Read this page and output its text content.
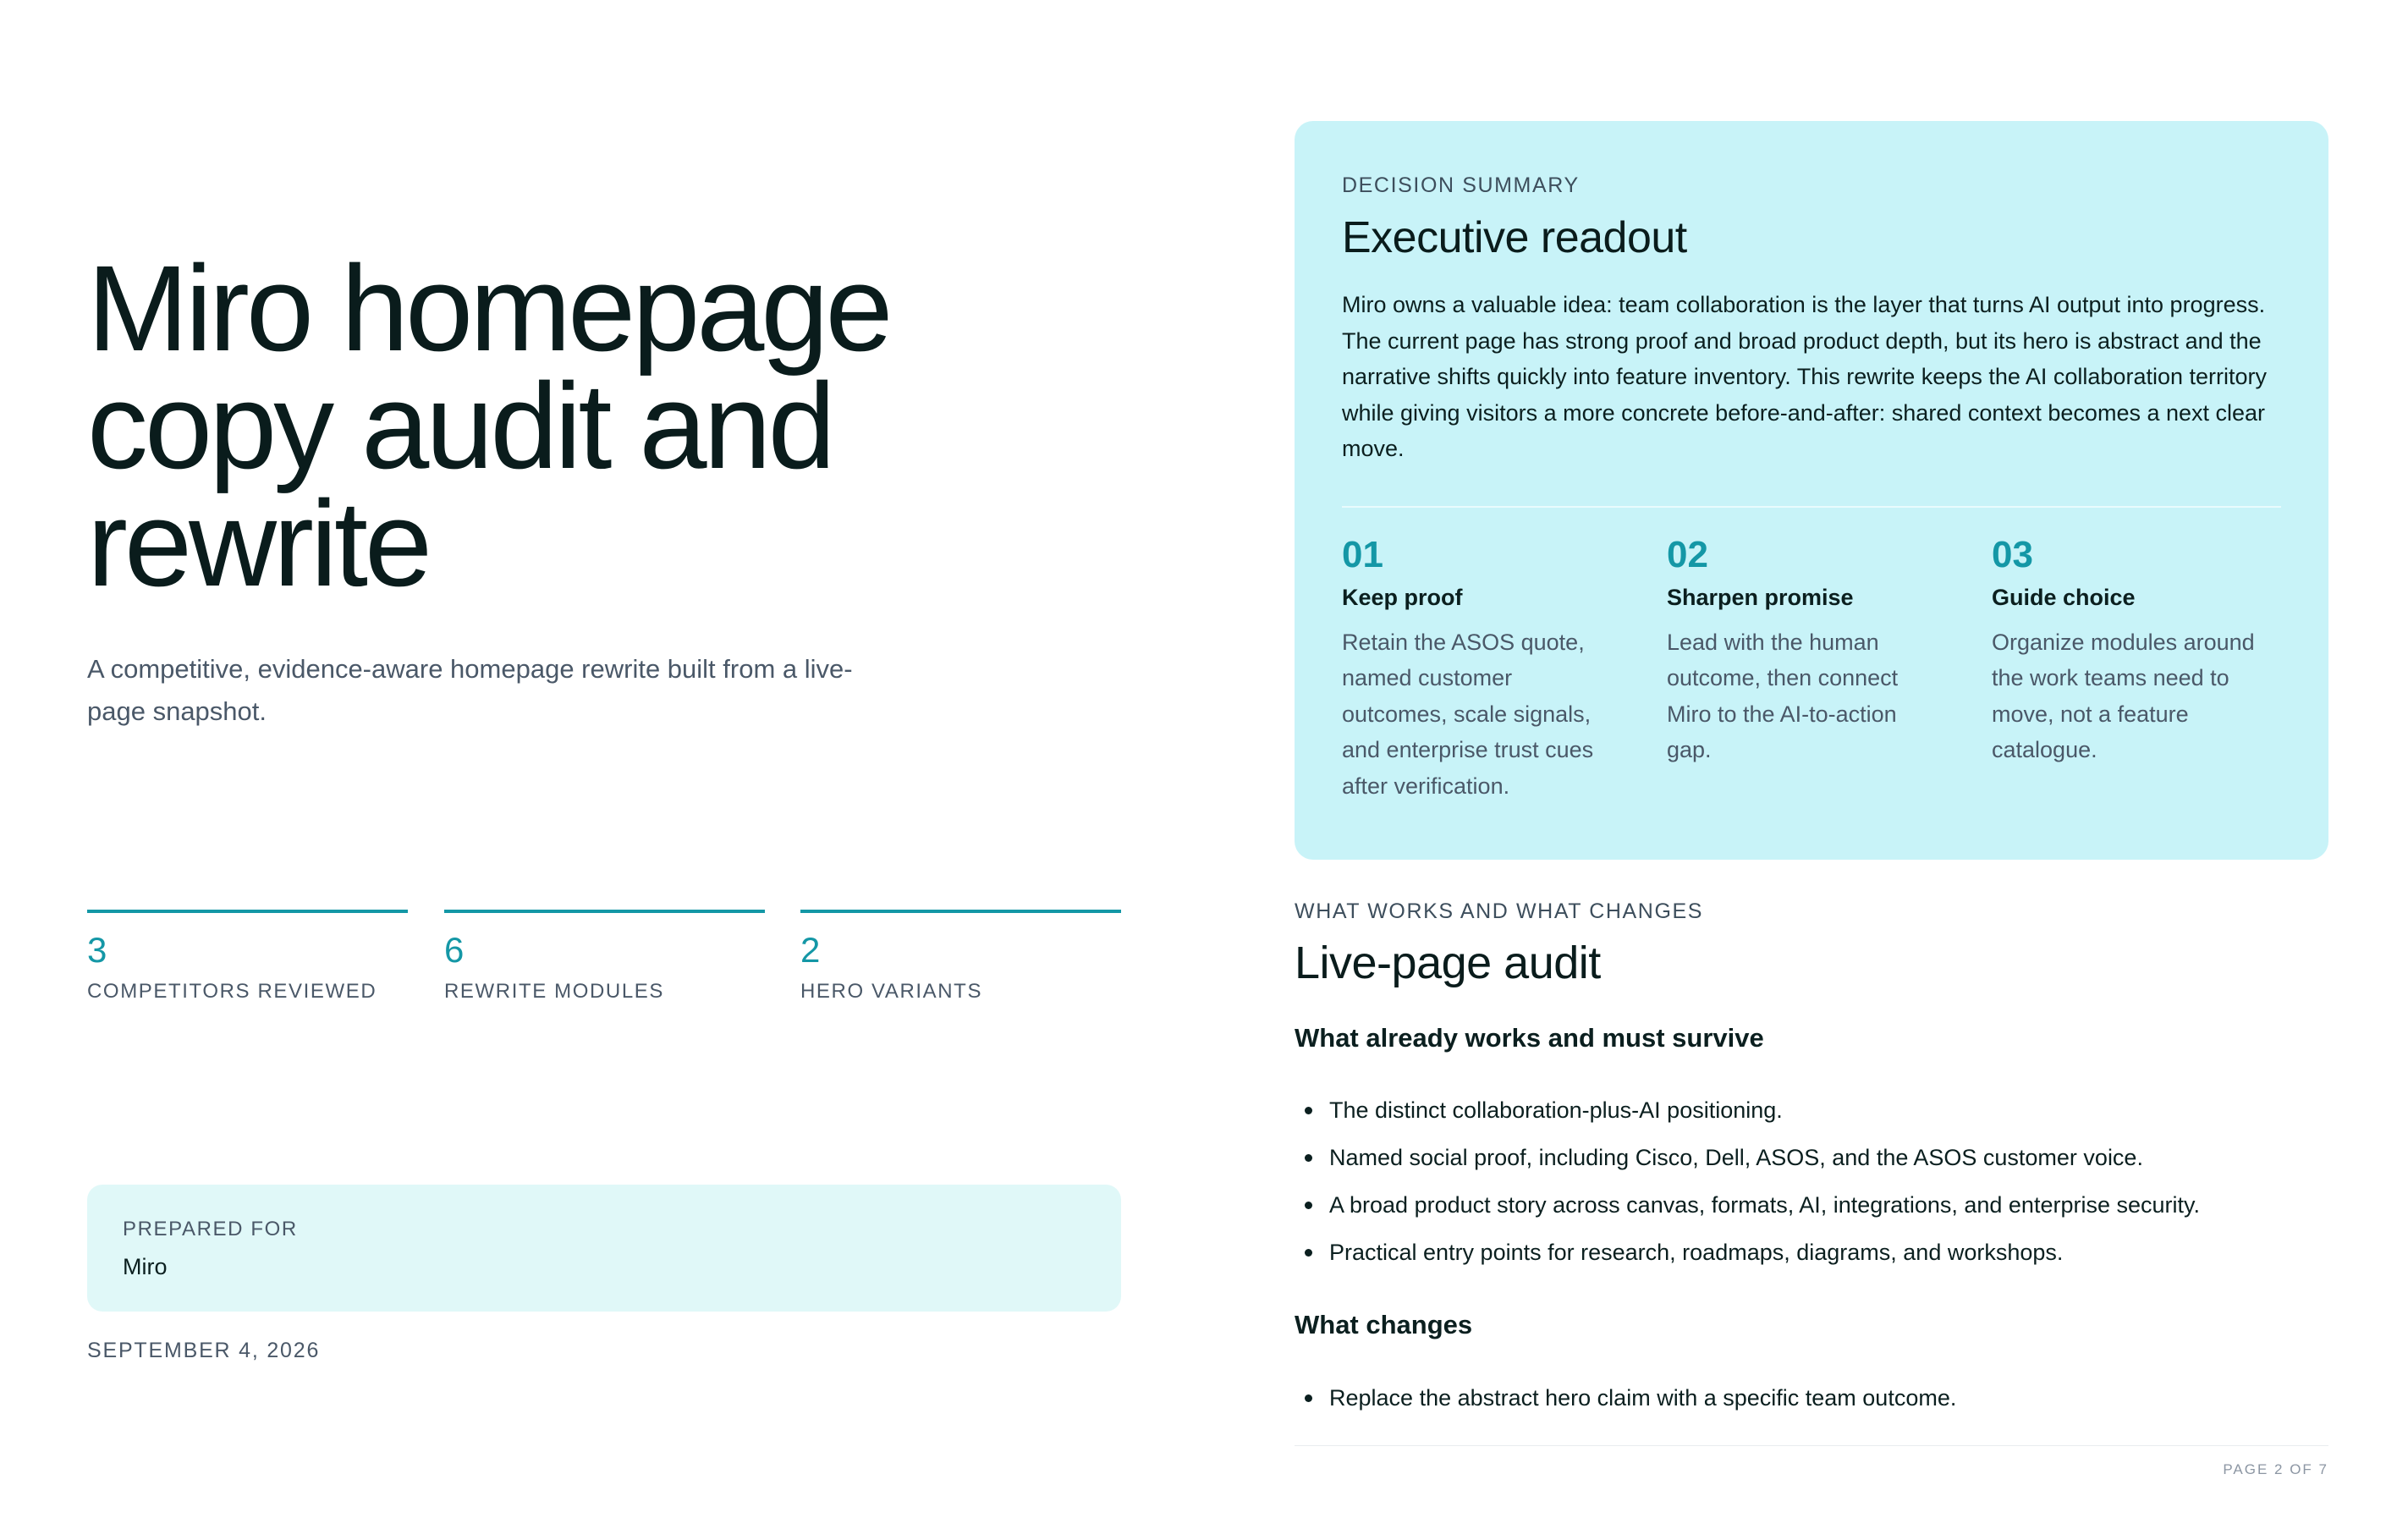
Miro homepage
copy audit and
rewrite

A competitive, evidence-aware homepage rewrite built from a live-page snapshot.

3
COMPETITORS REVIEWED
6
REWRITE MODULES
2
HERO VARIANTS
PREPARED FOR
Miro
SEPTEMBER 4, 2026
DECISION SUMMARY
Executive readout
Miro owns a valuable idea: team collaboration is the layer that turns AI output into progress. The current page has strong proof and broad product depth, but its hero is abstract and the narrative shifts quickly into feature inventory. This rewrite keeps the AI collaboration territory while giving visitors a more concrete before-and-after: shared context becomes a next clear move.
01
Keep proof
Retain the ASOS quote, named customer outcomes, scale signals, and enterprise trust cues after verification.
02
Sharpen promise
Lead with the human outcome, then connect Miro to the AI-to-action gap.
03
Guide choice
Organize modules around the work teams need to move, not a feature catalogue.
WHAT WORKS AND WHAT CHANGES
Live-page audit
What already works and must survive
The distinct collaboration-plus-AI positioning.
Named social proof, including Cisco, Dell, ASOS, and the ASOS customer voice.
A broad product story across canvas, formats, AI, integrations, and enterprise security.
Practical entry points for research, roadmaps, diagrams, and workshops.
What changes
Replace the abstract hero claim with a specific team outcome.
PAGE 2 OF 7
